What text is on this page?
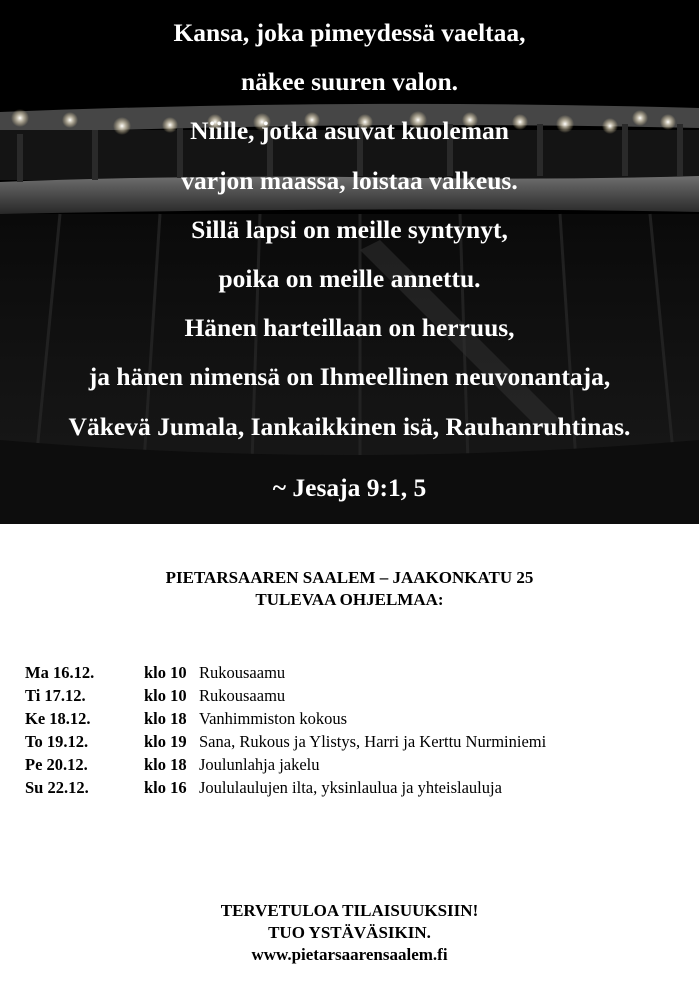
Kansa, joka pimeydessä vaeltaa,
näkee suuren valon.
Niille, jotka asuvat kuoleman
varjon maassa, loistaa valkeus.
Sillä lapsi on meille syntynyt,
poika on meille annettu.
Hänen harteillaan on herruus,
ja hänen nimensä on Ihmeellinen neuvonantaja,
Väkevä Jumala, Iankaikkinen isä, Rauhanruhtinas.
~ Jesaja 9:1, 5
PIETARSAAREN SAALEM – JAAKONKATU 25
TULEVAA OHJELMAA:
Ma 16.12.	klo 10 Rukousaamu
Ti 17.12.	klo 10 Rukousaamu
Ke 18.12.	klo 18 Vanhimmiston kokous
To 19.12.	klo 19 Sana, Rukous ja Ylistys, Harri ja Kerttu Nurminiemi
Pe 20.12.	klo 18 Joulunlahja jakelu
Su 22.12.	klo 16 Joululaulujen ilta, yksinlaulua ja yhteislauluja
TERVETULOA TILAISUUKSIIN!
TUO YSTÄVÄSIKIN.
www.pietarsaarensaalem.fi
